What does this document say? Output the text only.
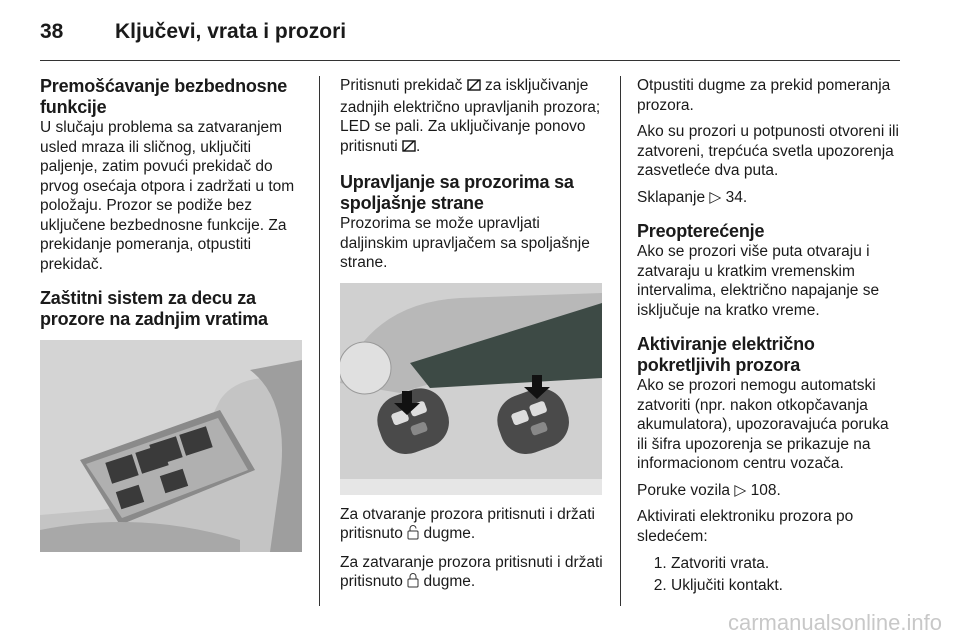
38	Ključevi, vrata i prozori
Premošćavanje bezbednosne funkcije

U slučaju problema sa zatvaranjem usled mraza ili sličnog, uključiti paljenje, zatim povući prekidač do prvog osećaja otpora i zadržati u tom položaju. Prozor se podiže bez uključene bezbednosne funkcije. Za prekidanje pomeranja, otpustiti prekidač.

Zaštitni sistem za decu za prozore na zadnjim vratima

Pritisnuti prekidač za isključivanje zadnjih električno upravljanih prozora; LED se pali. Za uključivanje ponovo pritisnuti .

Upravljanje sa prozorima sa spoljašnje strane

Prozorima se može upravljati daljinskim upravljačem sa spoljašnje strane.

Za otvaranje prozora pritisnuti i držati pritisnuto dugme.

Za zatvaranje prozora pritisnuti i držati pritisnuto dugme.

Otpustiti dugme za prekid pomeranja prozora.

Ako su prozori u potpunosti otvoreni ili zatvoreni, trepćuća svetla upozorenja zasvetleće dva puta.

Sklapanje ▷ 34.

Preopterećenje

Ako se prozori više puta otvaraju i zatvaraju u kratkim vremenskim intervalima, električno napajanje se isključuje na kratko vreme.

Aktiviranje električno pokretljivih prozora

Ako se prozori nemogu automatski zatvoriti (npr. nakon otkopčavanja akumulatora), upozoravajuća poruka ili šifra upozorenja se prikazuje na informacionom centru vozača.

Poruke vozila ▷ 108.

Aktivirati elektroniku prozora po sledećem:

1. Zatvoriti vrata.
2. Uključiti kontakt.
carmanualsonline.info
